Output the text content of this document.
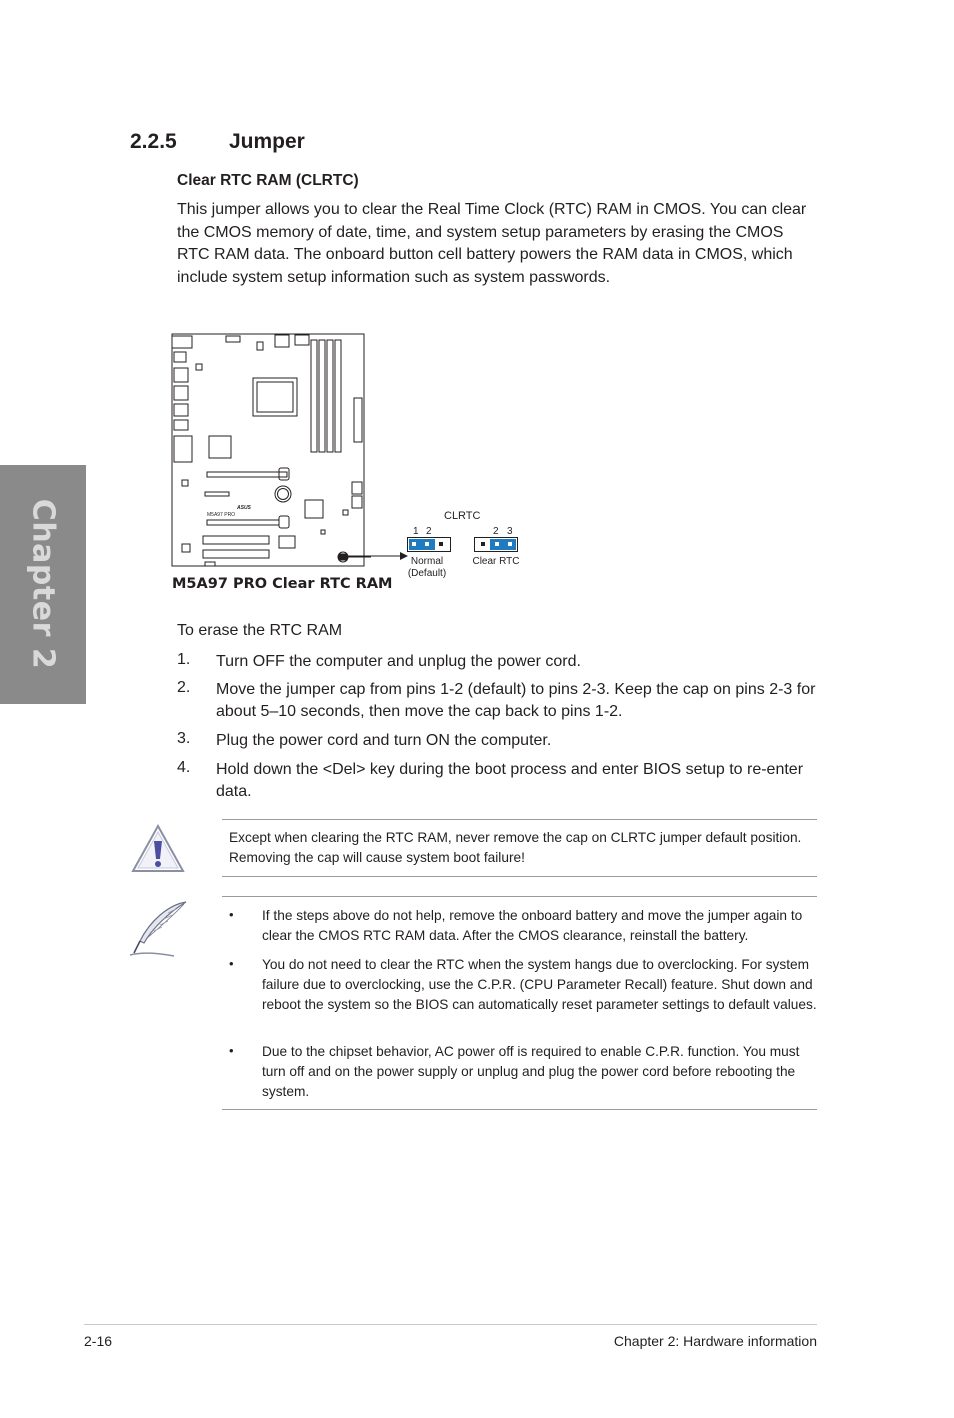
Chapter 2
2.2.5 Jumper
Clear RTC RAM (CLRTC)
This jumper allows you to clear the Real Time Clock (RTC) RAM in CMOS. You can clear the CMOS memory of date, time, and system setup parameters by erasing the CMOS RTC RAM data. The onboard button cell battery powers the RAM data in CMOS, which include system setup information such as system passwords.
M5A97 PRO
ASUS
M5A97 PRO Clear RTC RAM
CLRTC
1 2
Normal
(Default)
2 3
Clear RTC
To erase the RTC RAM
1. Turn OFF the computer and unplug the power cord.
2. Move the jumper cap from pins 1-2 (default) to pins 2-3. Keep the cap on pins 2-3 for about 5–10 seconds, then move the cap back to pins 1-2.
3. Plug the power cord and turn ON the computer.
4. Hold down the <Del> key during the boot process and enter BIOS setup to re-enter data.
Except when clearing the RTC RAM, never remove the cap on CLRTC jumper default position. Removing the cap will cause system boot failure!
• If the steps above do not help, remove the onboard battery and move the jumper again to clear the CMOS RTC RAM data. After the CMOS clearance, reinstall the battery.
• You do not need to clear the RTC when the system hangs due to overclocking. For system failure due to overclocking, use the C.P.R. (CPU Parameter Recall) feature. Shut down and reboot the system so the BIOS can automatically reset parameter settings to default values.
• Due to the chipset behavior, AC power off is required to enable C.P.R. function. You must turn off and on the power supply or unplug and plug the power cord before rebooting the system.
2-16	Chapter 2: Hardware information
